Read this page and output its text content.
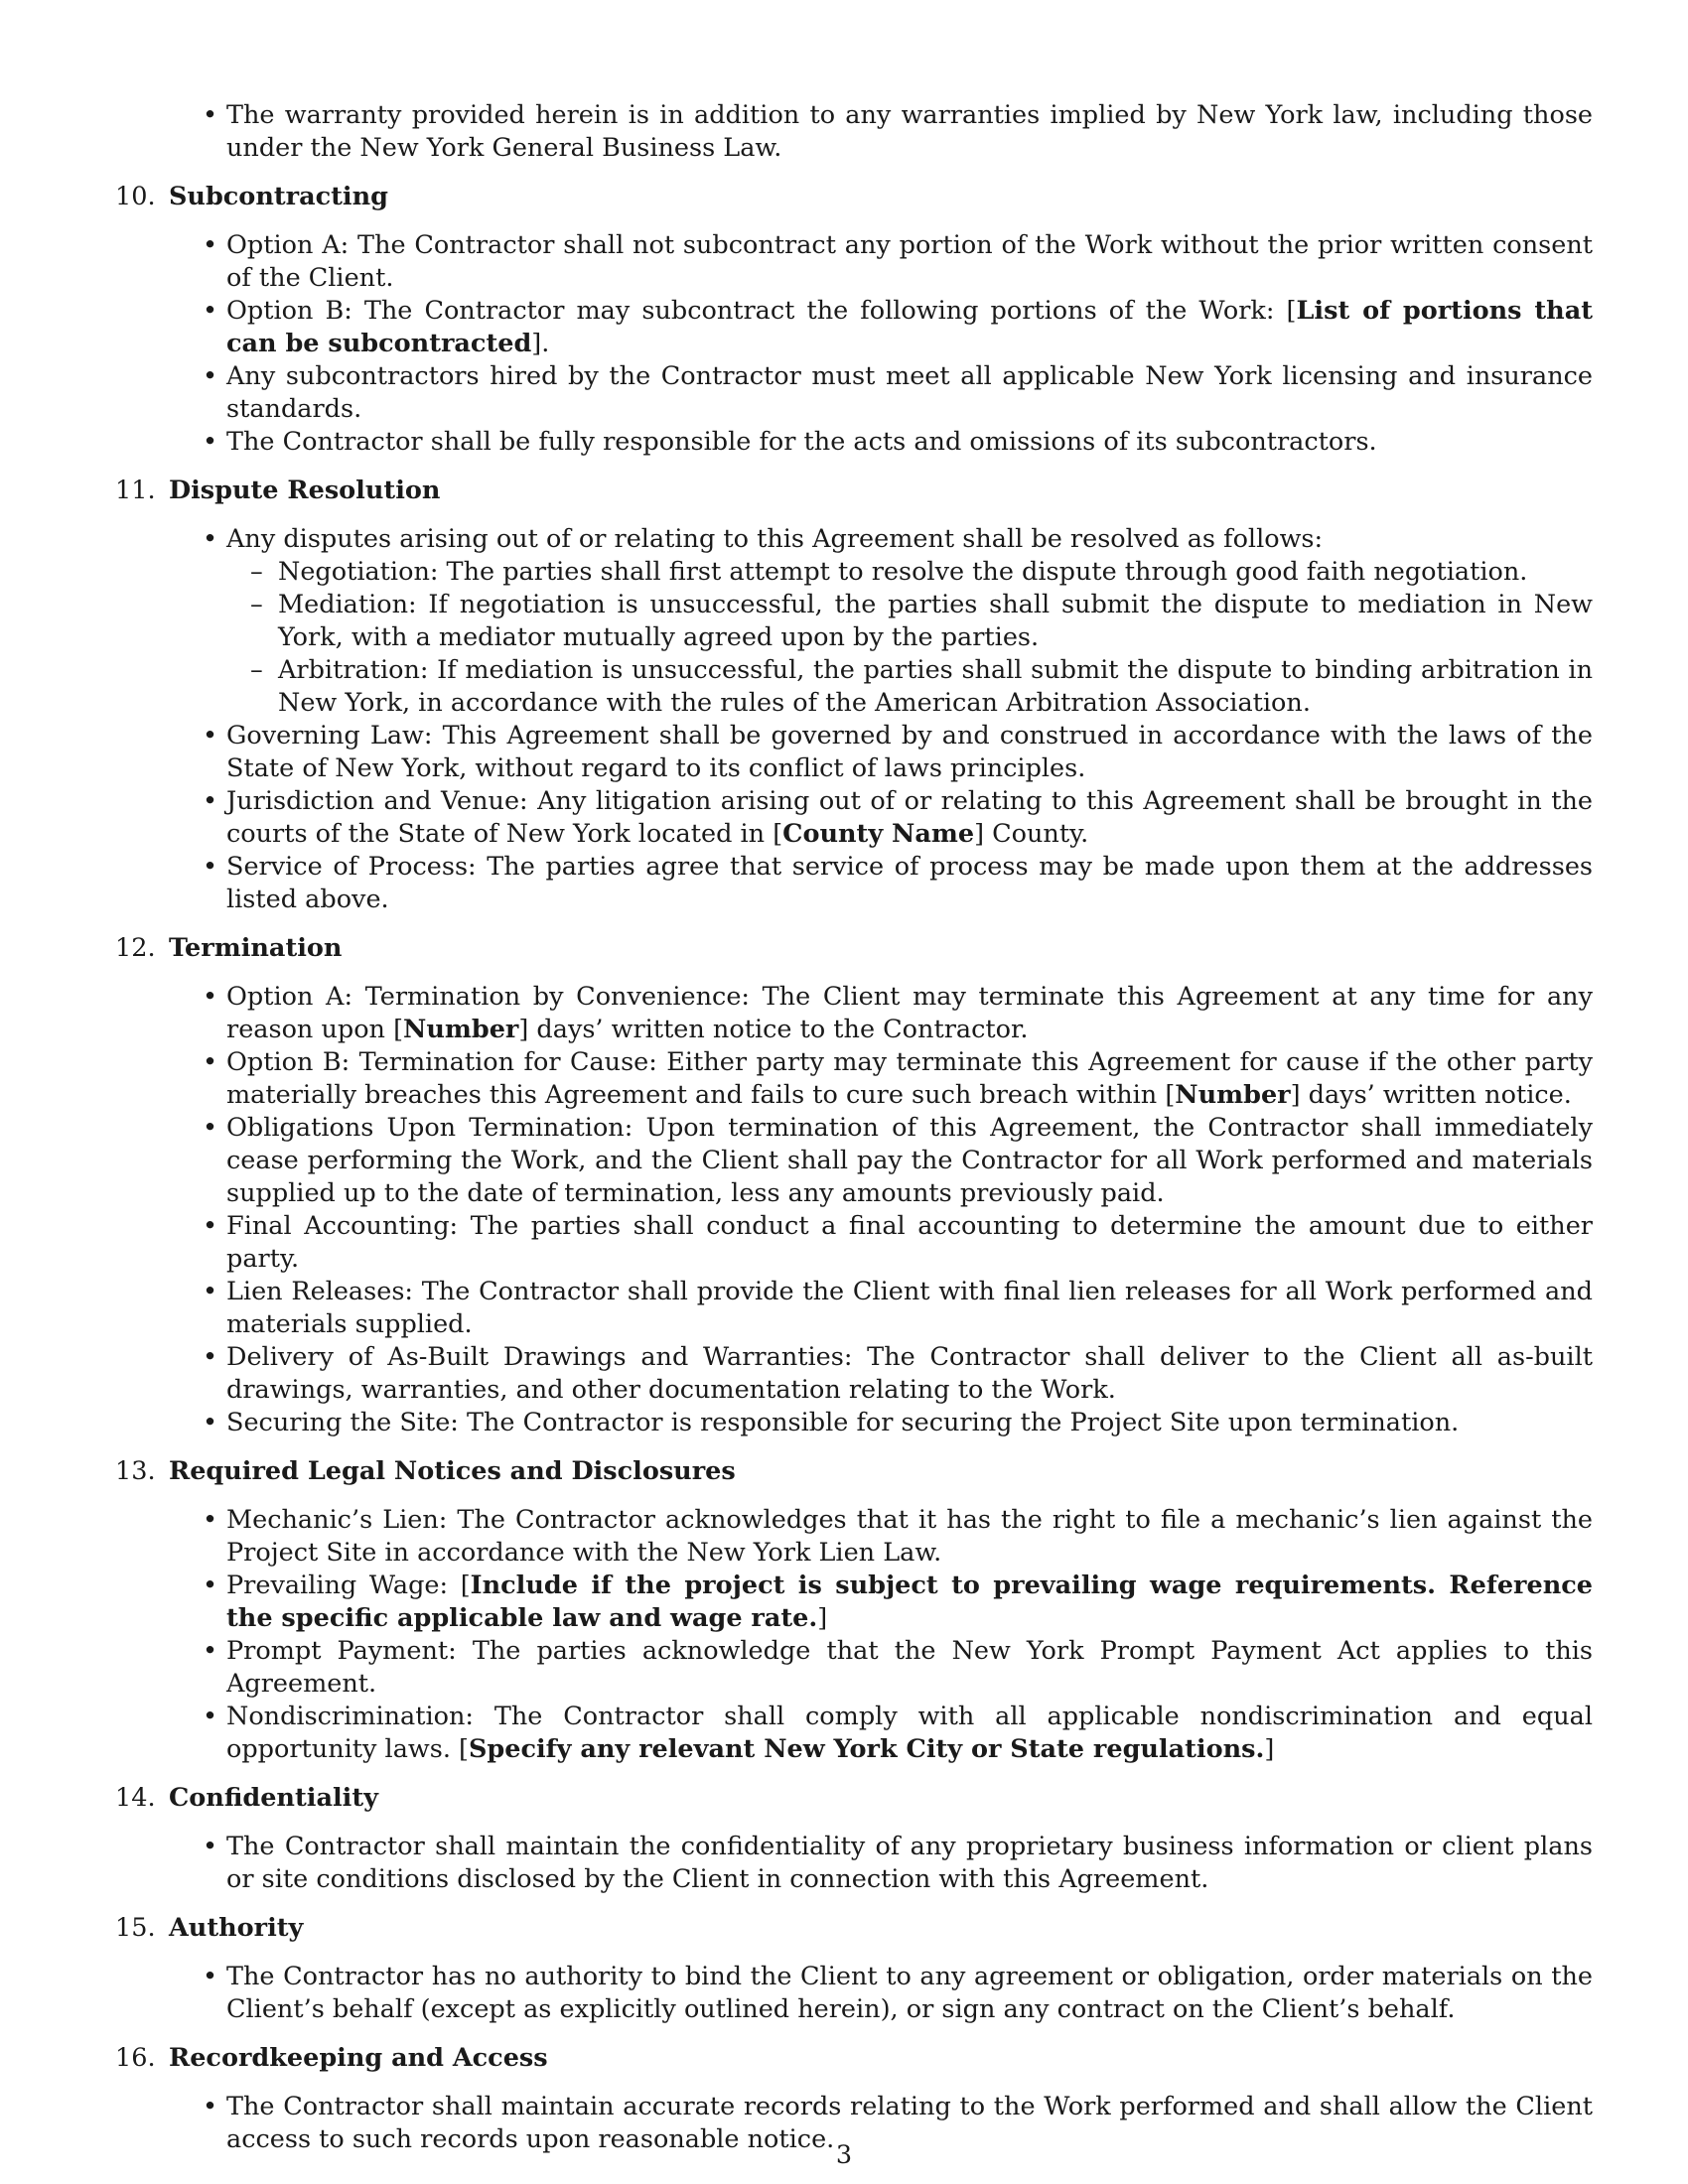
• The warranty provided herein is in addition to any warranties implied by New York law, including those under the New York General Business Law.
10. Subcontracting
• Option A: The Contractor shall not subcontract any portion of the Work without the prior written consent of the Client.
• Option B: The Contractor may subcontract the following portions of the Work: [List of portions that can be subcontracted].
• Any subcontractors hired by the Contractor must meet all applicable New York licensing and insurance standards.
• The Contractor shall be fully responsible for the acts and omissions of its subcontractors.
11. Dispute Resolution
• Any disputes arising out of or relating to this Agreement shall be resolved as follows:
– Negotiation: The parties shall first attempt to resolve the dispute through good faith negotiation.
– Mediation: If negotiation is unsuccessful, the parties shall submit the dispute to mediation in New York, with a mediator mutually agreed upon by the parties.
– Arbitration: If mediation is unsuccessful, the parties shall submit the dispute to binding arbitration in New York, in accordance with the rules of the American Arbitration Association.
• Governing Law: This Agreement shall be governed by and construed in accordance with the laws of the State of New York, without regard to its conflict of laws principles.
• Jurisdiction and Venue: Any litigation arising out of or relating to this Agreement shall be brought in the courts of the State of New York located in [County Name] County.
• Service of Process: The parties agree that service of process may be made upon them at the addresses listed above.
12. Termination
• Option A: Termination by Convenience: The Client may terminate this Agreement at any time for any reason upon [Number] days’ written notice to the Contractor.
• Option B: Termination for Cause: Either party may terminate this Agreement for cause if the other party materially breaches this Agreement and fails to cure such breach within [Number] days’ written notice.
• Obligations Upon Termination: Upon termination of this Agreement, the Contractor shall immediately cease performing the Work, and the Client shall pay the Contractor for all Work performed and materials supplied up to the date of termination, less any amounts previously paid.
• Final Accounting: The parties shall conduct a final accounting to determine the amount due to either party.
• Lien Releases: The Contractor shall provide the Client with final lien releases for all Work performed and materials supplied.
• Delivery of As-Built Drawings and Warranties: The Contractor shall deliver to the Client all as-built drawings, warranties, and other documentation relating to the Work.
• Securing the Site: The Contractor is responsible for securing the Project Site upon termination.
13. Required Legal Notices and Disclosures
• Mechanic’s Lien: The Contractor acknowledges that it has the right to file a mechanic’s lien against the Project Site in accordance with the New York Lien Law.
• Prevailing Wage: [Include if the project is subject to prevailing wage requirements. Reference the specific applicable law and wage rate.]
• Prompt Payment: The parties acknowledge that the New York Prompt Payment Act applies to this Agreement.
• Nondiscrimination: The Contractor shall comply with all applicable nondiscrimination and equal opportunity laws. [Specify any relevant New York City or State regulations.]
14. Confidentiality
• The Contractor shall maintain the confidentiality of any proprietary business information or client plans or site conditions disclosed by the Client in connection with this Agreement.
15. Authority
• The Contractor has no authority to bind the Client to any agreement or obligation, order materials on the Client’s behalf (except as explicitly outlined herein), or sign any contract on the Client’s behalf.
16. Recordkeeping and Access
• The Contractor shall maintain accurate records relating to the Work performed and shall allow the Client access to such records upon reasonable notice.
3
